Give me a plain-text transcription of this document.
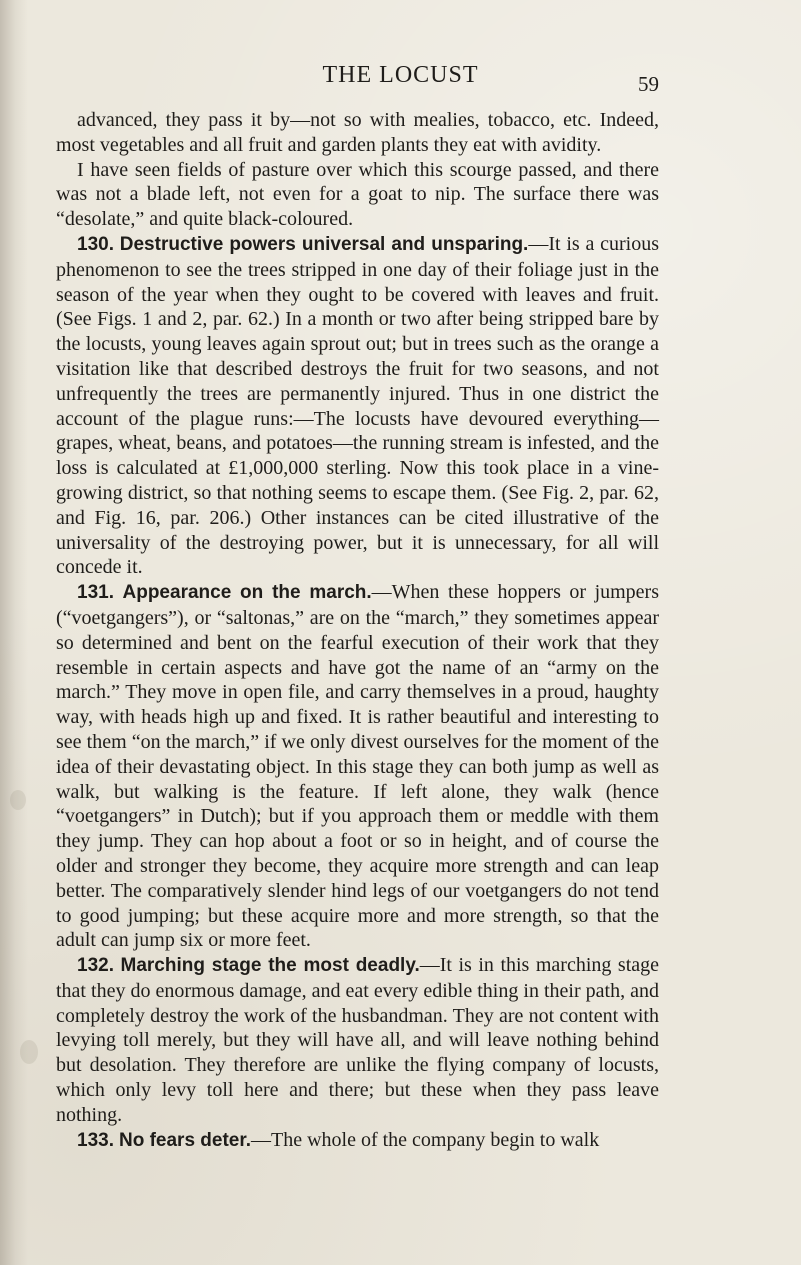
THE LOCUST	59

advanced, they pass it by—not so with mealies, tobacco, etc. Indeed, most vegetables and all fruit and garden plants they eat with avidity.

I have seen fields of pasture over which this scourge passed, and there was not a blade left, not even for a goat to nip. The surface there was “desolate,” and quite black-coloured.

130. Destructive powers universal and unsparing.—It is a curious phenomenon to see the trees stripped in one day of their foliage just in the season of the year when they ought to be covered with leaves and fruit. (See Figs. 1 and 2, par. 62.) In a month or two after being stripped bare by the locusts, young leaves again sprout out; but in trees such as the orange a visitation like that described destroys the fruit for two seasons, and not unfrequently the trees are permanently injured. Thus in one district the account of the plague runs:—The locusts have devoured everything—grapes, wheat, beans, and potatoes—the running stream is infested, and the loss is calculated at £1,000,000 sterling. Now this took place in a vine-growing district, so that nothing seems to escape them. (See Fig. 2, par. 62, and Fig. 16, par. 206.) Other instances can be cited illustrative of the universality of the destroying power, but it is unnecessary, for all will concede it.

131. Appearance on the march.—When these hoppers or jumpers (“voetgangers”), or “saltonas,” are on the “march,” they sometimes appear so determined and bent on the fearful execution of their work that they resemble in certain aspects and have got the name of an “army on the march.” They move in open file, and carry themselves in a proud, haughty way, with heads high up and fixed. It is rather beautiful and interesting to see them “on the march,” if we only divest ourselves for the moment of the idea of their devastating object. In this stage they can both jump as well as walk, but walking is the feature. If left alone, they walk (hence “voetgangers” in Dutch); but if you approach them or meddle with them they jump. They can hop about a foot or so in height, and of course the older and stronger they become, they acquire more strength and can leap better. The comparatively slender hind legs of our voetgangers do not tend to good jumping; but these acquire more and more strength, so that the adult can jump six or more feet.

132. Marching stage the most deadly.—It is in this marching stage that they do enormous damage, and eat every edible thing in their path, and completely destroy the work of the husbandman. They are not content with levying toll merely, but they will have all, and will leave nothing behind but desolation. They therefore are unlike the flying company of locusts, which only levy toll here and there; but these when they pass leave nothing.

133. No fears deter.—The whole of the company begin to walk
